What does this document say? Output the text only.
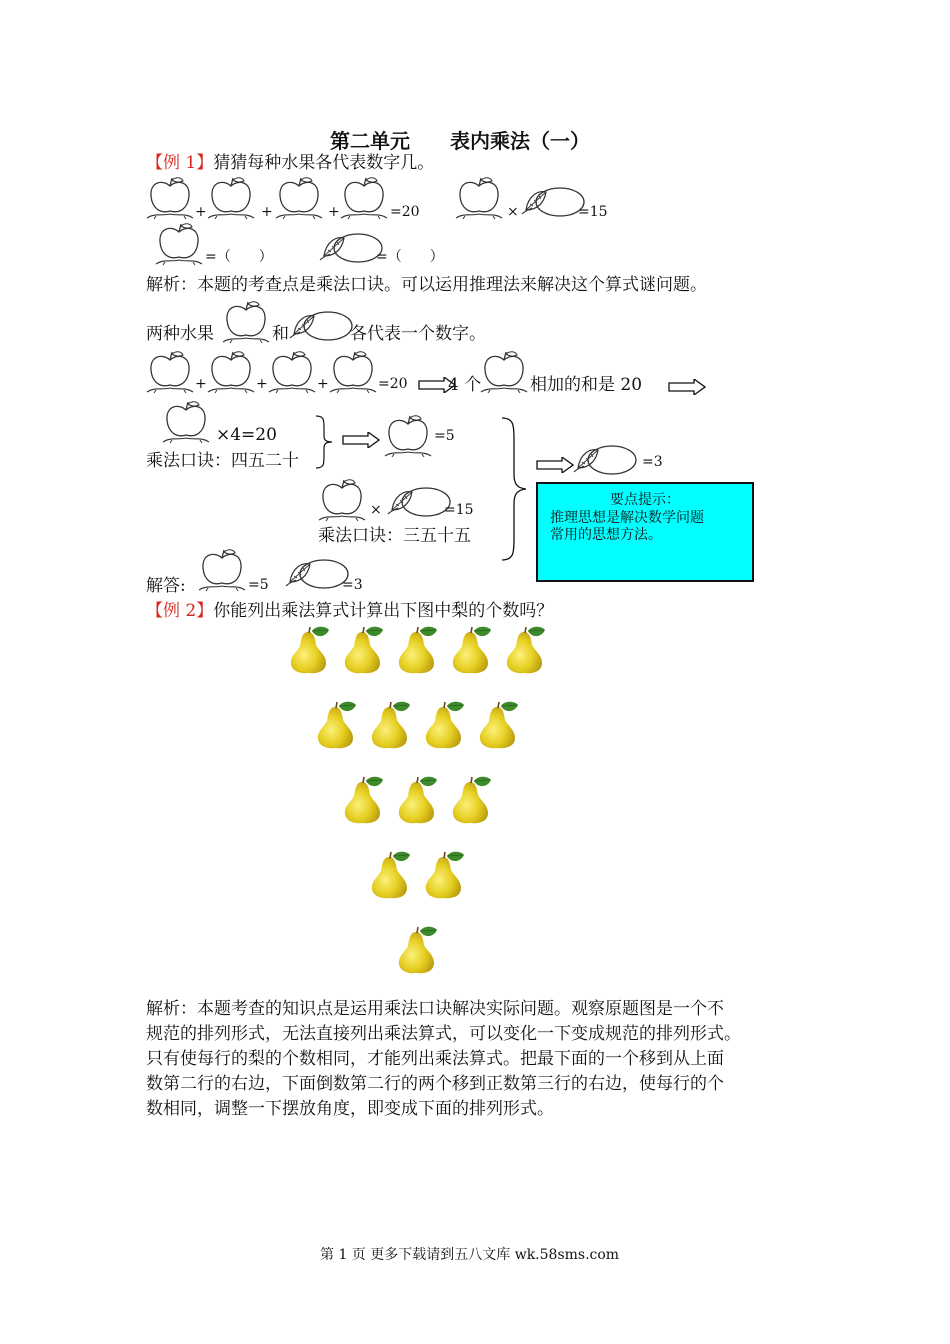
第二单元　　表内乘法（一）
【例 1】猜猜每种水果各代表数字几。
+	+	+	=20	×	=15
=（　　）	=（　　）
解析：本题的考查点是乘法口诀。可以运用推理法来解决这个算式谜问题。
两种水果	和	各代表一个数字。
+	+	+	=20 4 个	相加的和是 20
×4=20
乘法口诀：四五二十
=5
×	=15
乘法口诀：三五十五
=3
要点提示：
推理思想是解决数学问题
常用的思想方法。
解答:	=5	=3
【例 2】你能列出乘法算式计算出下图中梨的个数吗？
解析：本题考查的知识点是运用乘法口诀解决实际问题。观察原题图是一个不
规范的排列形式，无法直接列出乘法算式，可以变化一下变成规范的排列形式。
只有使每行的梨的个数相同，才能列出乘法算式。把最下面的一个移到从上面
数第二行的右边，下面倒数第二行的两个移到正数第三行的右边，使每行的个
数相同，调整一下摆放角度，即变成下面的排列形式。
第 1 页 更多下载请到五八文库 wk.58sms.com
